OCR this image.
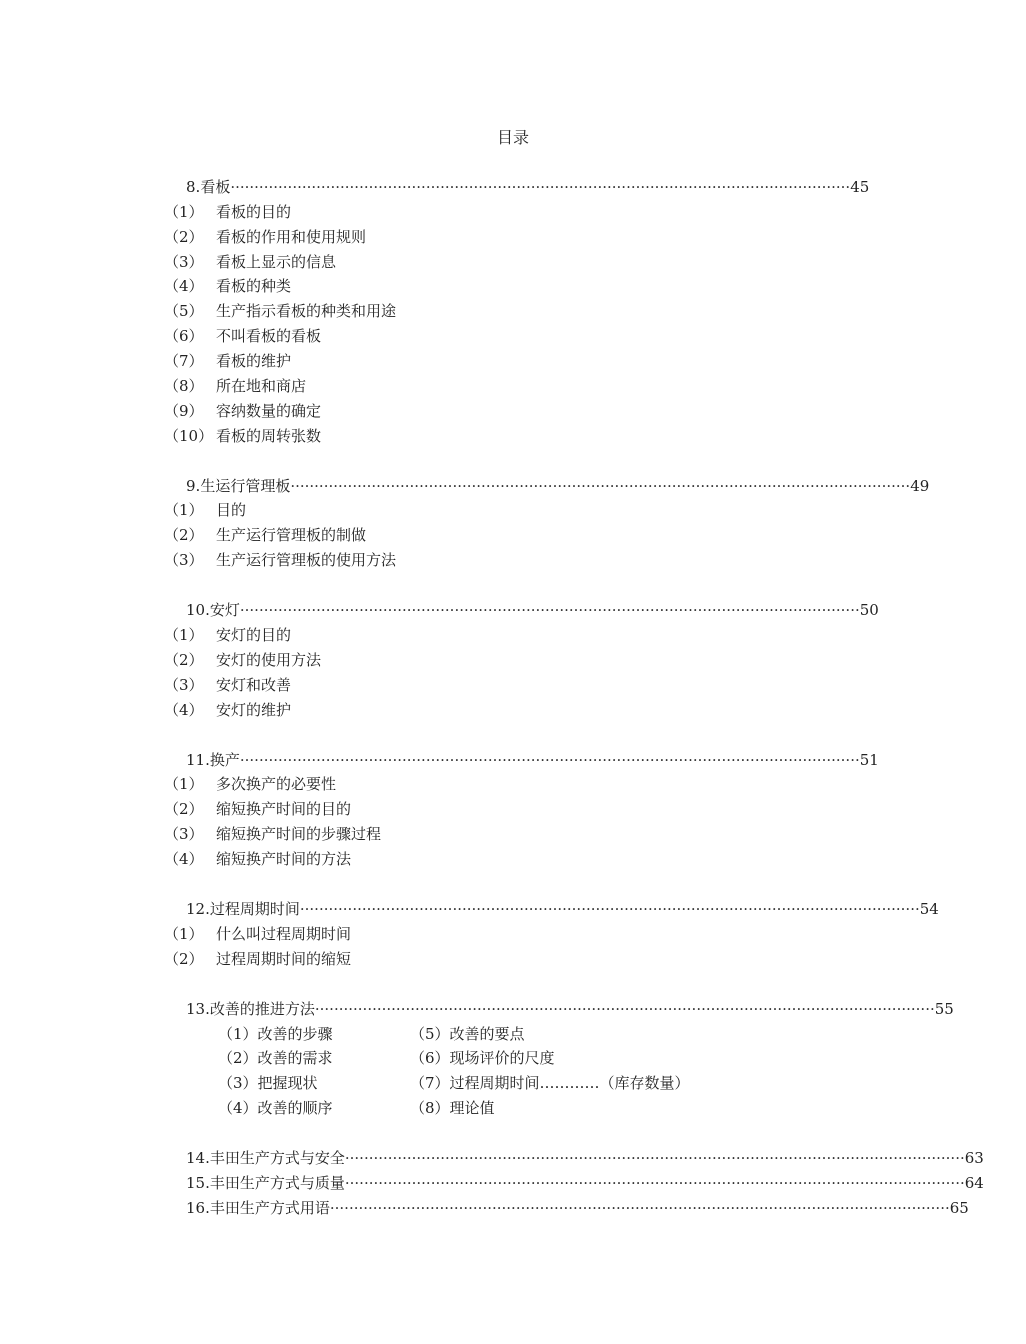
目录
8. 看板 ·································································································································· 45
（1） 看板的目的
（2） 看板的作用和使用规则
（3） 看板上显示的信息
（4） 看板的种类
（5） 生产指示看板的种类和用途
（6） 不叫看板的看板
（7） 看板的维护
（8） 所在地和商店
（9） 容纳数量的确定
（10） 看板的周转张数
9. 生运行管理板 ·································································································································· 49
（1） 目的
（2） 生产运行管理板的制做
（3） 生产运行管理板的使用方法
10. 安灯 ·································································································································· 50
（1） 安灯的目的
（2） 安灯的使用方法
（3） 安灯和改善
（4） 安灯的维护
11. 换产 ·································································································································· 51
（1） 多次换产的必要性
（2） 缩短换产时间的目的
（3） 缩短换产时间的步骤过程
（4） 缩短换产时间的方法
12. 过程周期时间 ·································································································································· 54
（1） 什么叫过程周期时间
（2） 过程周期时间的缩短
13. 改善的推进方法 ·································································································································· 55
（1）改善的步骤	（5）改善的要点
（2）改善的需求	（6）现场评价的尺度
（3）把握现状	（7）过程周期时间…………（库存数量）
（4）改善的顺序	（8）理论值
14. 丰田生产方式与安全 ·································································································································· 63
15. 丰田生产方式与质量 ·································································································································· 64
16. 丰田生产方式用语 ·································································································································· 65
